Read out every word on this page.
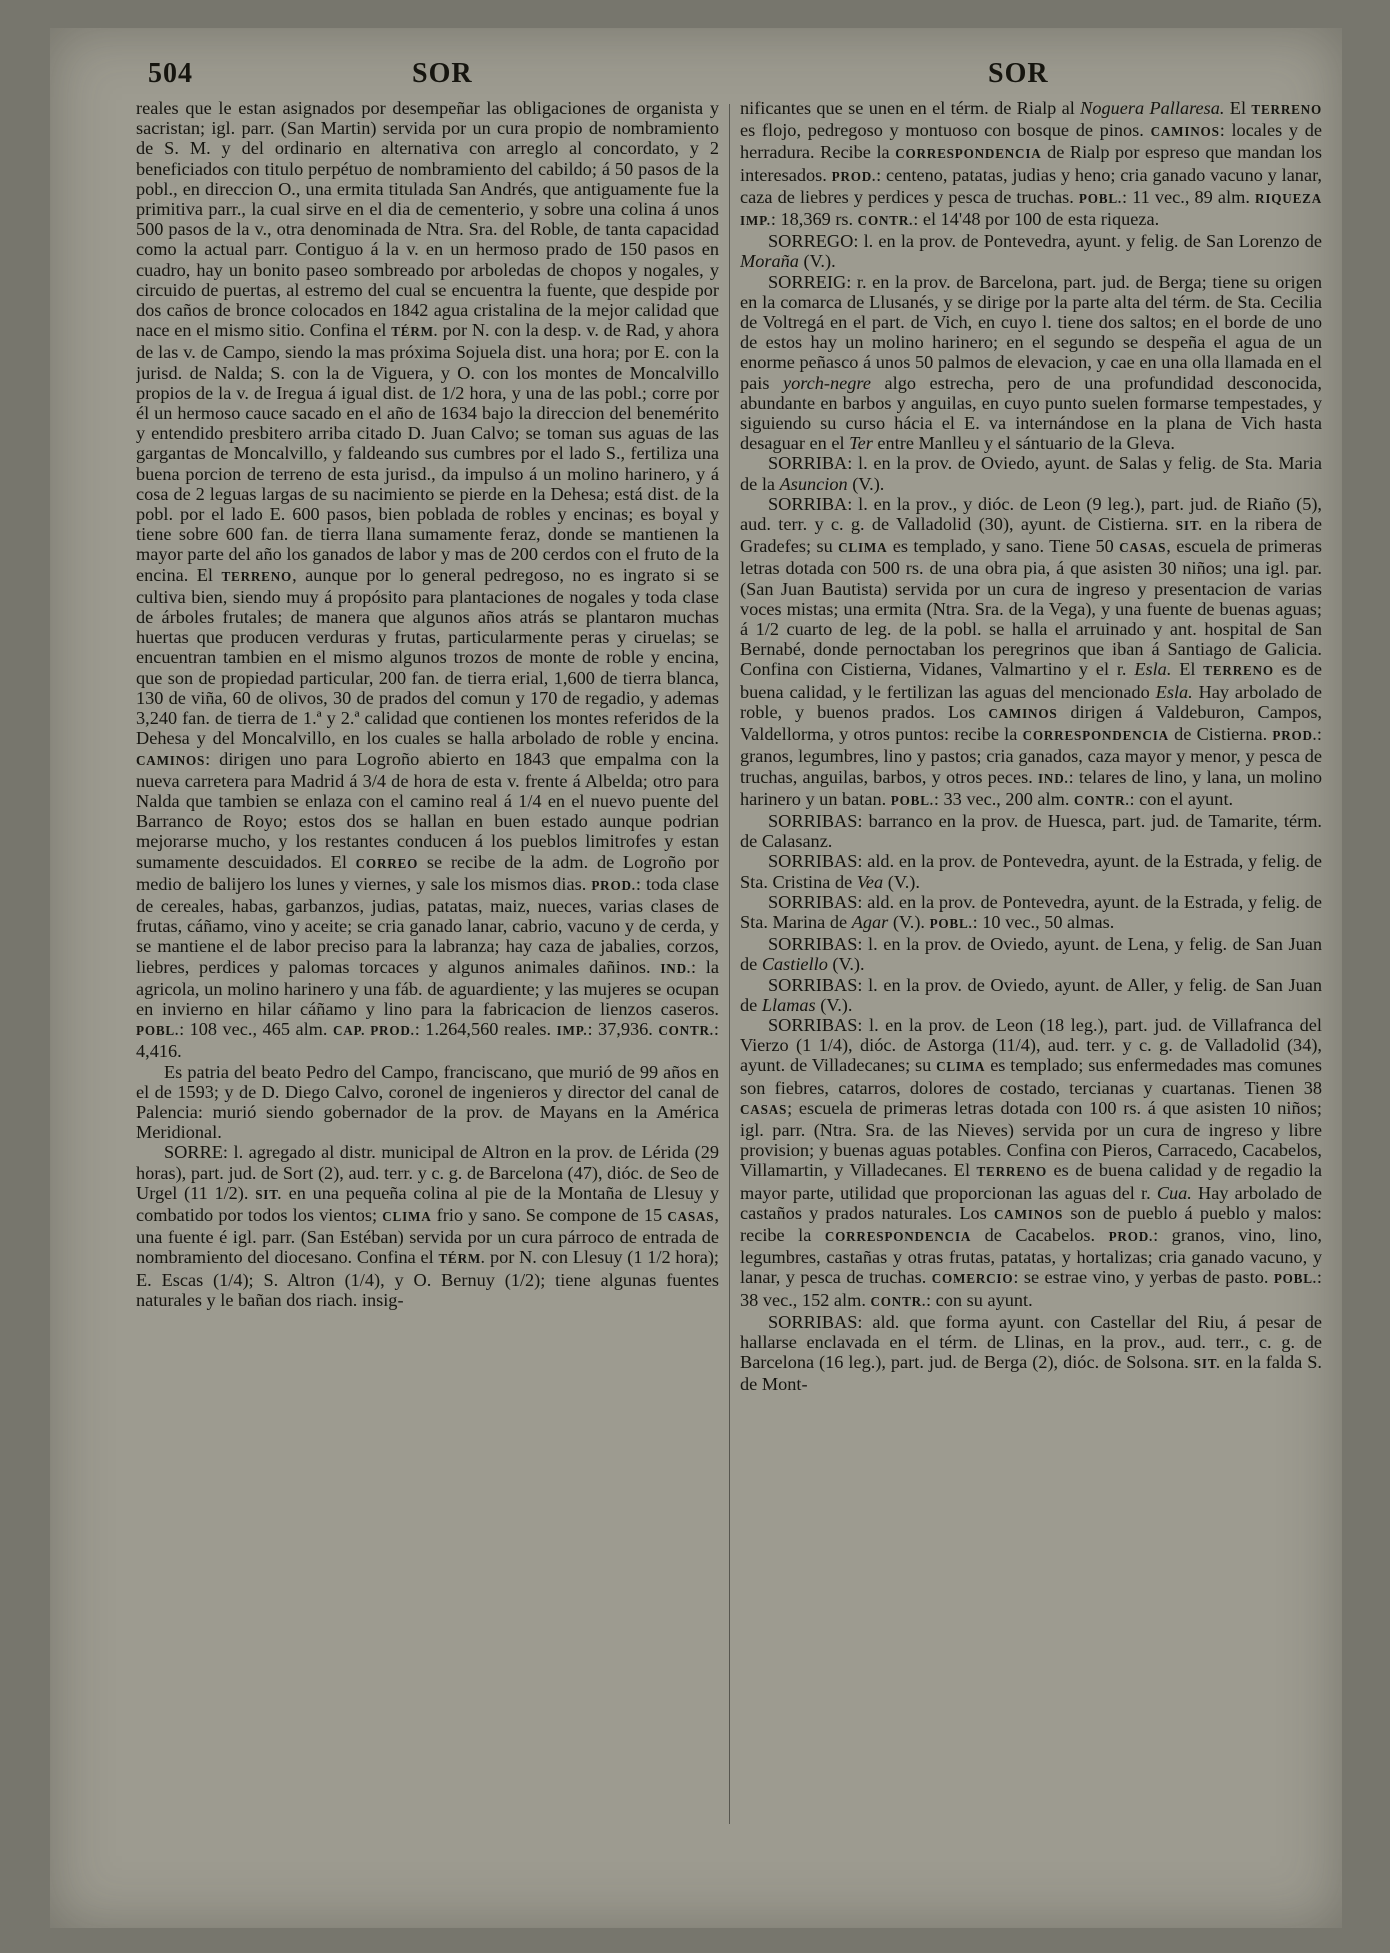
504	SOR	SOR

reales que le estan asignados por desempeñar las obligaciones de organista y sacristan; igl. parr. (San Martin) servida por un cura propio de nombramiento de S. M. y del ordinario en alternativa con arreglo al concordato, y 2 beneficiados con titulo perpétuo de nombramiento del cabildo; á 50 pasos de la pobl., en direccion O., una ermita titulada San Andrés, que antiguamente fue la primitiva parr., la cual sirve en el dia de cementerio, y sobre una colina á unos 500 pasos de la v., otra denominada de Ntra. Sra. del Roble, de tanta capacidad como la actual parr. Contiguo á la v. en un hermoso prado de 150 pasos en cuadro, hay un bonito paseo sombreado por arboledas de chopos y nogales, y circuido de puertas, al estremo del cual se encuentra la fuente, que despide por dos caños de bronce colocados en 1842 agua cristalina de la mejor calidad que nace en el mismo sitio. Confina el TÉRM. por N. con la desp. v. de Rad, y ahora de las v. de Campo, siendo la mas próxima Sojuela dist. una hora; por E. con la jurisd. de Nalda; S. con la de Viguera, y O. con los montes de Moncalvillo propios de la v. de Iregua á igual dist. de 1/2 hora, y una de las pobl.; corre por él un hermoso cauce sacado en el año de 1634 bajo la direccion del benemérito y entendido presbitero arriba citado D. Juan Calvo; se toman sus aguas de las gargantas de Moncalvillo, y faldeando sus cumbres por el lado S., fertiliza una buena porcion de terreno de esta jurisd., da impulso á un molino harinero, y á cosa de 2 leguas largas de su nacimiento se pierde en la Dehesa; está dist. de la pobl. por el lado E. 600 pasos, bien poblada de robles y encinas; es boyal y tiene sobre 600 fan. de tierra llana sumamente feraz, donde se mantienen la mayor parte del año los ganados de labor y mas de 200 cerdos con el fruto de la encina. El TERRENO, aunque por lo general pedregoso, no es ingrato si se cultiva bien, siendo muy á propósito para plantaciones de nogales y toda clase de árboles frutales; de manera que algunos años atrás se plantaron muchas huertas que producen verduras y frutas, particularmente peras y ciruelas; se encuentran tambien en el mismo algunos trozos de monte de roble y encina, que son de propiedad particular, 200 fan. de tierra erial, 1,600 de tierra blanca, 130 de viña, 60 de olivos, 30 de prados del comun y 170 de regadio, y ademas 3,240 fan. de tierra de 1.ª y 2.ª calidad que contienen los montes referidos de la Dehesa y del Moncalvillo, en los cuales se halla arbolado de roble y encina. CAMINOS: dirigen uno para Logroño abierto en 1843 que empalma con la nueva carretera para Madrid á 3/4 de hora de esta v. frente á Albelda; otro para Nalda que tambien se enlaza con el camino real á 1/4 en el nuevo puente del Barranco de Royo; estos dos se hallan en buen estado aunque podrian mejorarse mucho, y los restantes conducen á los pueblos limitrofes y estan sumamente descuidados. El CORREO se recibe de la adm. de Logroño por medio de balijero los lunes y viernes, y sale los mismos dias. PROD.: toda clase de cereales, habas, garbanzos, judias, patatas, maiz, nueces, varias clases de frutas, cáñamo, vino y aceite; se cria ganado lanar, cabrio, vacuno y de cerda, y se mantiene el de labor preciso para la labranza; hay caza de jabalies, corzos, liebres, perdices y palomas torcaces y algunos animales dañinos. IND.: la agricola, un molino harinero y una fáb. de aguardiente; y las mujeres se ocupan en invierno en hilar cáñamo y lino para la fabricacion de lienzos caseros. POBL.: 108 vec., 465 alm. CAP. PROD.: 1.264,560 reales. IMP.: 37,936. CONTR.: 4,416.

Es patria del beato Pedro del Campo, franciscano, que murió de 99 años en el de 1593; y de D. Diego Calvo, coronel de ingenieros y director del canal de Palencia: murió siendo gobernador de la prov. de Mayans en la América Meridional.

SORRE: l. agregado al distr. municipal de Altron en la prov. de Lérida (29 horas), part. jud. de Sort (2), aud. terr. y c. g. de Barcelona (47), dióc. de Seo de Urgel (11 1/2). SIT. en una pequeña colina al pie de la Montaña de Llesuy y combatido por todos los vientos; CLIMA frio y sano. Se compone de 15 CASAS, una fuente é igl. parr. (San Estéban) servida por un cura párroco de entrada de nombramiento del diocesano. Confina el TÉRM. por N. con Llesuy (1 1/2 hora); E. Escas (1/4); S. Altron (1/4), y O. Bernuy (1/2); tiene algunas fuentes naturales y le bañan dos riach. insig-

nificantes que se unen en el térm. de Rialp al Noguera Pallaresa. El TERRENO es flojo, pedregoso y montuoso con bosque de pinos. CAMINOS: locales y de herradura. Recibe la CORRESPONDENCIA de Rialp por espreso que mandan los interesados. PROD.: centeno, patatas, judias y heno; cria ganado vacuno y lanar, caza de liebres y perdices y pesca de truchas. POBL.: 11 vec., 89 alm. RIQUEZA IMP.: 18,369 rs. CONTR.: el 14'48 por 100 de esta riqueza.

SORREGO: l. en la prov. de Pontevedra, ayunt. y felig. de San Lorenzo de Moraña (V.).

SORREIG: r. en la prov. de Barcelona, part. jud. de Berga; tiene su origen en la comarca de Llusanés, y se dirige por la parte alta del térm. de Sta. Cecilia de Voltregá en el part. de Vich, en cuyo l. tiene dos saltos; en el borde de uno de estos hay un molino harinero; en el segundo se despeña el agua de un enorme peñasco á unos 50 palmos de elevacion, y cae en una olla llamada en el pais yorch-negre algo estrecha, pero de una profundidad desconocida, abundante en barbos y anguilas, en cuyo punto suelen formarse tempestades, y siguiendo su curso hácia el E. va internándose en la plana de Vich hasta desaguar en el Ter entre Manlleu y el sántuario de la Gleva.

SORRIBA: l. en la prov. de Oviedo, ayunt. de Salas y felig. de Sta. Maria de la Asuncion (V.).

SORRIBA: l. en la prov., y dióc. de Leon (9 leg.), part. jud. de Riaño (5), aud. terr. y c. g. de Valladolid (30), ayunt. de Cistierna. SIT. en la ribera de Gradefes; su CLIMA es templado, y sano. Tiene 50 CASAS, escuela de primeras letras dotada con 500 rs. de una obra pia, á que asisten 30 niños; una igl. par. (San Juan Bautista) servida por un cura de ingreso y presentacion de varias voces mistas; una ermita (Ntra. Sra. de la Vega), y una fuente de buenas aguas; á 1/2 cuarto de leg. de la pobl. se halla el arruinado y ant. hospital de San Bernabé, donde pernoctaban los peregrinos que iban á Santiago de Galicia. Confina con Cistierna, Vidanes, Valmartino y el r. Esla. El TERRENO es de buena calidad, y le fertilizan las aguas del mencionado Esla. Hay arbolado de roble, y buenos prados. Los CAMINOS dirigen á Valdeburon, Campos, Valdellorma, y otros puntos: recibe la CORRESPONDENCIA de Cistierna. PROD.: granos, legumbres, lino y pastos; cria ganados, caza mayor y menor, y pesca de truchas, anguilas, barbos, y otros peces. IND.: telares de lino, y lana, un molino harinero y un batan. POBL.: 33 vec., 200 alm. CONTR.: con el ayunt.

SORRIBAS: barranco en la prov. de Huesca, part. jud. de Tamarite, térm. de Calasanz.

SORRIBAS: ald. en la prov. de Pontevedra, ayunt. de la Estrada, y felig. de Sta. Cristina de Vea (V.).

SORRIBAS: ald. en la prov. de Pontevedra, ayunt. de la Estrada, y felig. de Sta. Marina de Agar (V.). POBL.: 10 vec., 50 almas.

SORRIBAS: l. en la prov. de Oviedo, ayunt. de Lena, y felig. de San Juan de Castiello (V.).

SORRIBAS: l. en la prov. de Oviedo, ayunt. de Aller, y felig. de San Juan de Llamas (V.).

SORRIBAS: l. en la prov. de Leon (18 leg.), part. jud. de Villafranca del Vierzo (1 1/4), dióc. de Astorga (11/4), aud. terr. y c. g. de Valladolid (34), ayunt. de Villadecanes; su CLIMA es templado; sus enfermedades mas comunes son fiebres, catarros, dolores de costado, tercianas y cuartanas. Tienen 38 CASAS; escuela de primeras letras dotada con 100 rs. á que asisten 10 niños; igl. parr. (Ntra. Sra. de las Nieves) servida por un cura de ingreso y libre provision; y buenas aguas potables. Confina con Pieros, Carracedo, Cacabelos, Villamartin, y Villadecanes. El TERRENO es de buena calidad y de regadio la mayor parte, utilidad que proporcionan las aguas del r. Cua. Hay arbolado de castaños y prados naturales. Los CAMINOS son de pueblo á pueblo y malos: recibe la CORRESPONDENCIA de Cacabelos. PROD.: granos, vino, lino, legumbres, castañas y otras frutas, patatas, y hortalizas; cria ganado vacuno, y lanar, y pesca de truchas. COMERCIO: se estrae vino, y yerbas de pasto. POBL.: 38 vec., 152 alm. CONTR.: con su ayunt.

SORRIBAS: ald. que forma ayunt. con Castellar del Riu, á pesar de hallarse enclavada en el térm. de Llinas, en la prov., aud. terr., c. g. de Barcelona (16 leg.), part. jud. de Berga (2), dióc. de Solsona. SIT. en la falda S. de Mont-
